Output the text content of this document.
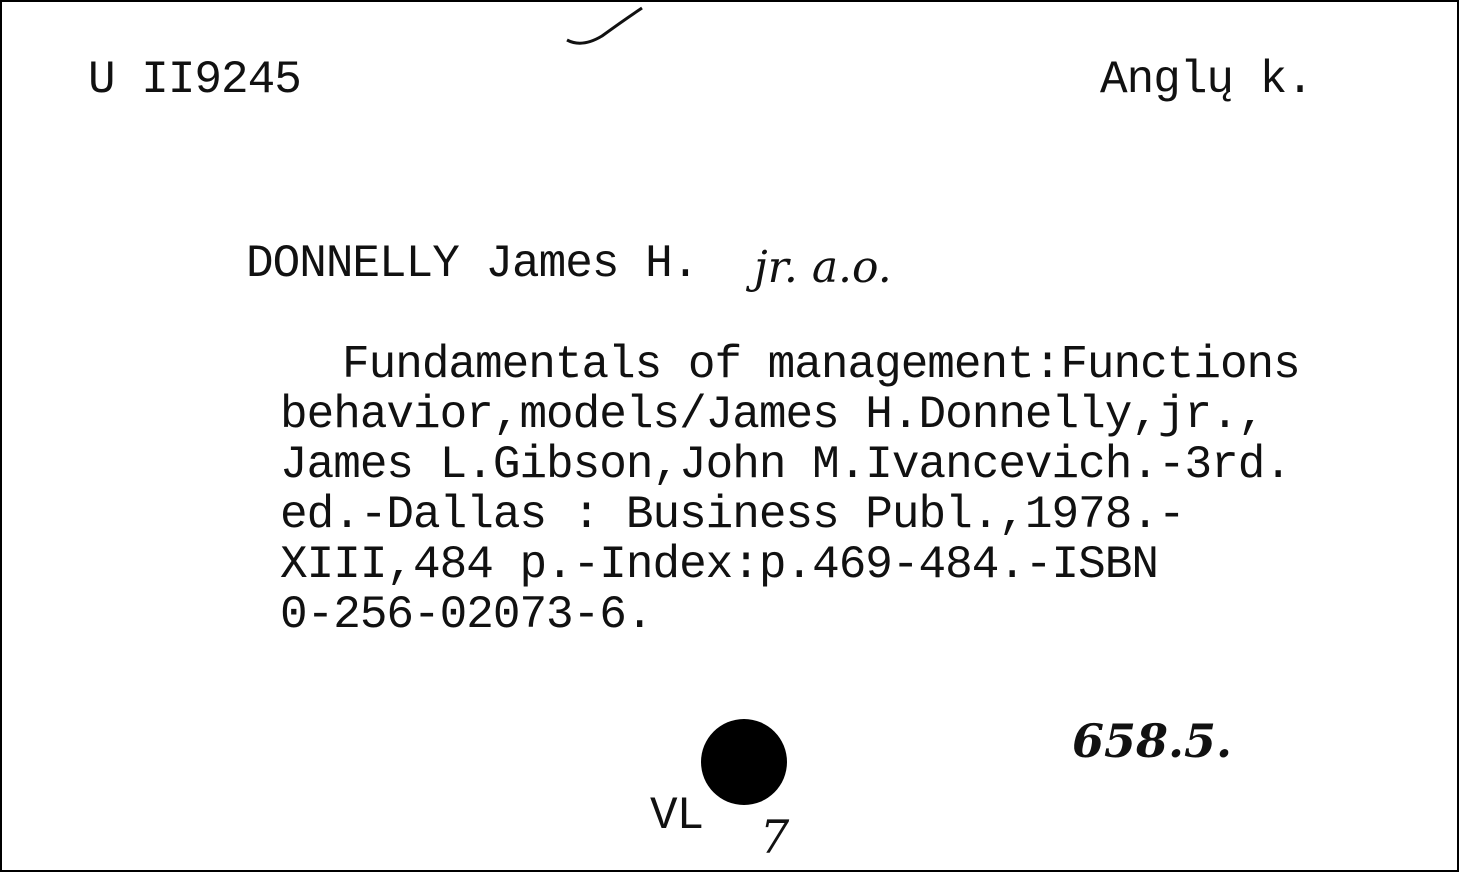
U II9245	Anglų k.
DONNELLY James H. jr. a.o.
Fundamentals of management:Functions
behavior,models/James H.Donnelly,jr.,
James L.Gibson,John M.Ivancevich.-3rd.
ed.-Dallas : Business Publ.,1978.-
XIII,484 p.-Index:p.469-484.-ISBN
0-256-02073-6.
658.5.
VL 7
